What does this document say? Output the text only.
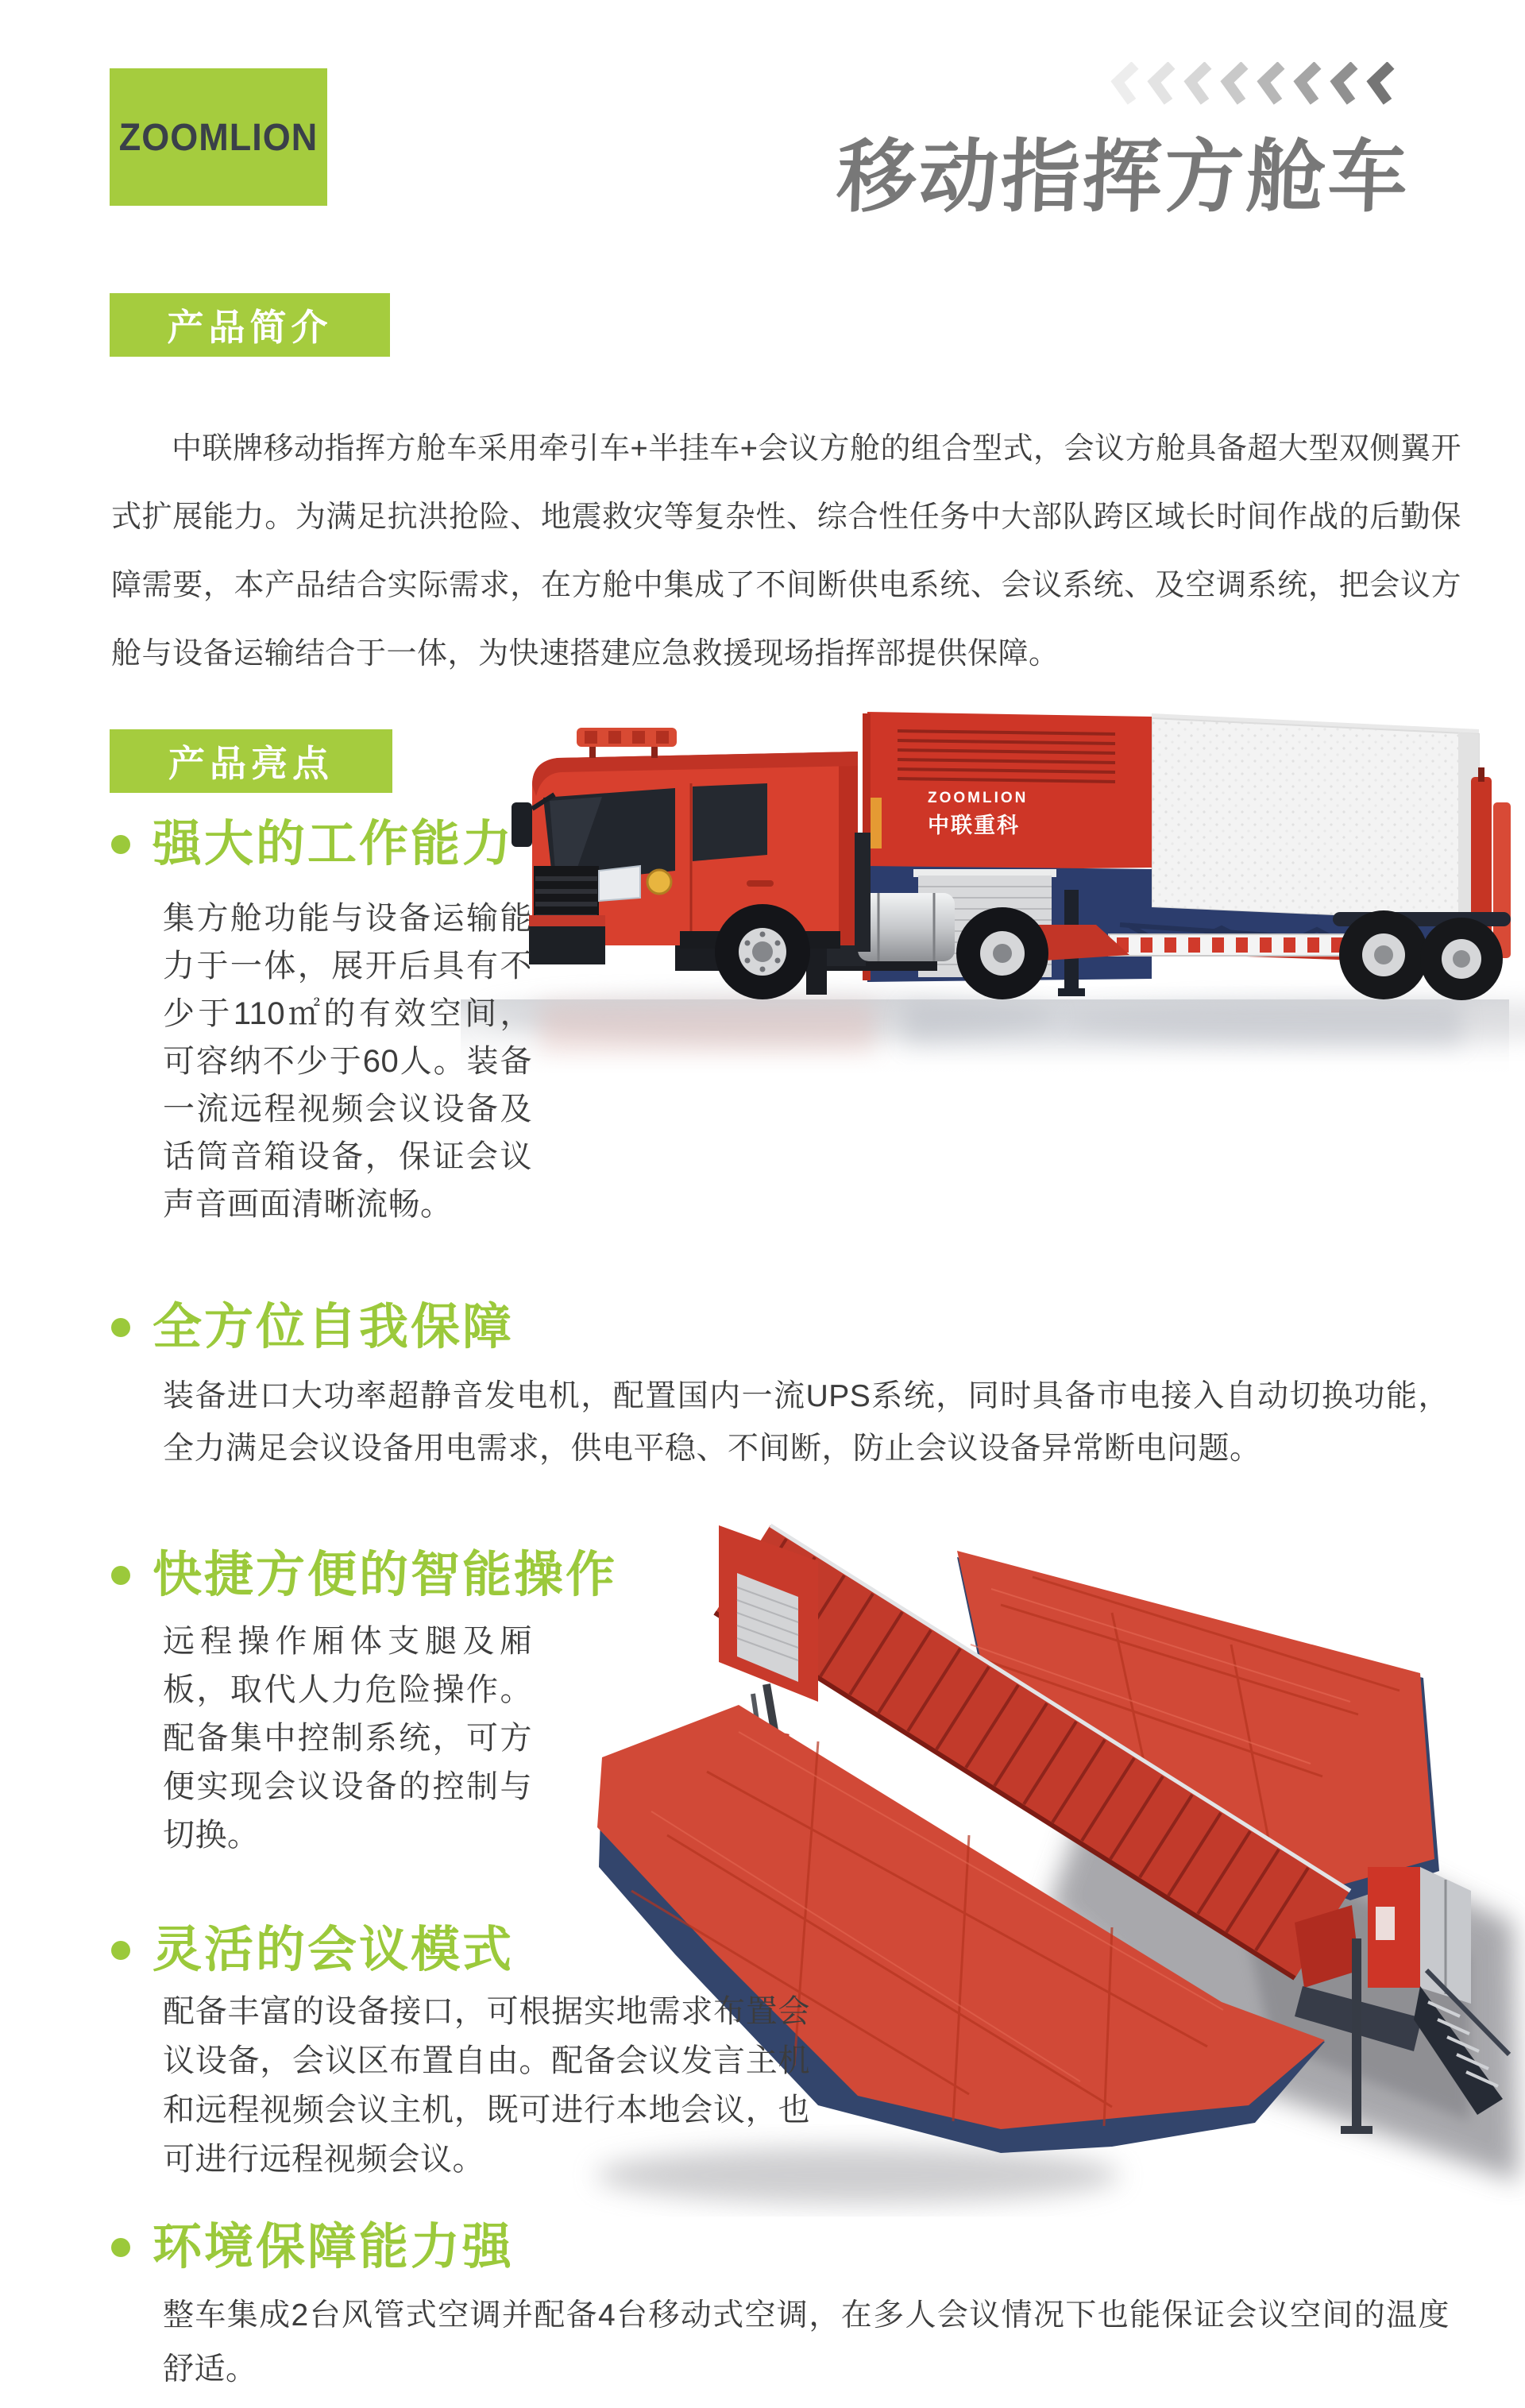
ZOOMLION	移动指挥方舱车
产品简介
中联牌移动指挥方舱车采用牵引车+半挂车+会议方舱的组合型式，会议方舱具备超大型双侧翼开式扩展能力。为满足抗洪抢险、地震救灾等复杂性、综合性任务中大部队跨区域长时间作战的后勤保障需要，本产品结合实际需求，在方舱中集成了不间断供电系统、会议系统、及空调系统，把会议方舱与设备运输结合于一体，为快速搭建应急救援现场指挥部提供保障。
产品亮点
ZOOMLION
中联重科
强大的工作能力
集方舱功能与设备运输能力于一体，展开后具有不少于110㎡的有效空间，可容纳不少于60人。装备一流远程视频会议设备及话筒音箱设备，保证会议声音画面清晰流畅。
全方位自我保障
装备进口大功率超静音发电机，配置国内一流UPS系统，同时具备市电接入自动切换功能，全力满足会议设备用电需求，供电平稳、不间断，防止会议设备异常断电问题。
快捷方便的智能操作
远程操作厢体支腿及厢板，取代人力危险操作。配备集中控制系统，可方便实现会议设备的控制与切换。
灵活的会议模式
配备丰富的设备接口，可根据实地需求布置会议设备，会议区布置自由。配备会议发言主机和远程视频会议主机，既可进行本地会议，也可进行远程视频会议。
环境保障能力强
整车集成2台风管式空调并配备4台移动式空调，在多人会议情况下也能保证会议空间的温度舒适。
